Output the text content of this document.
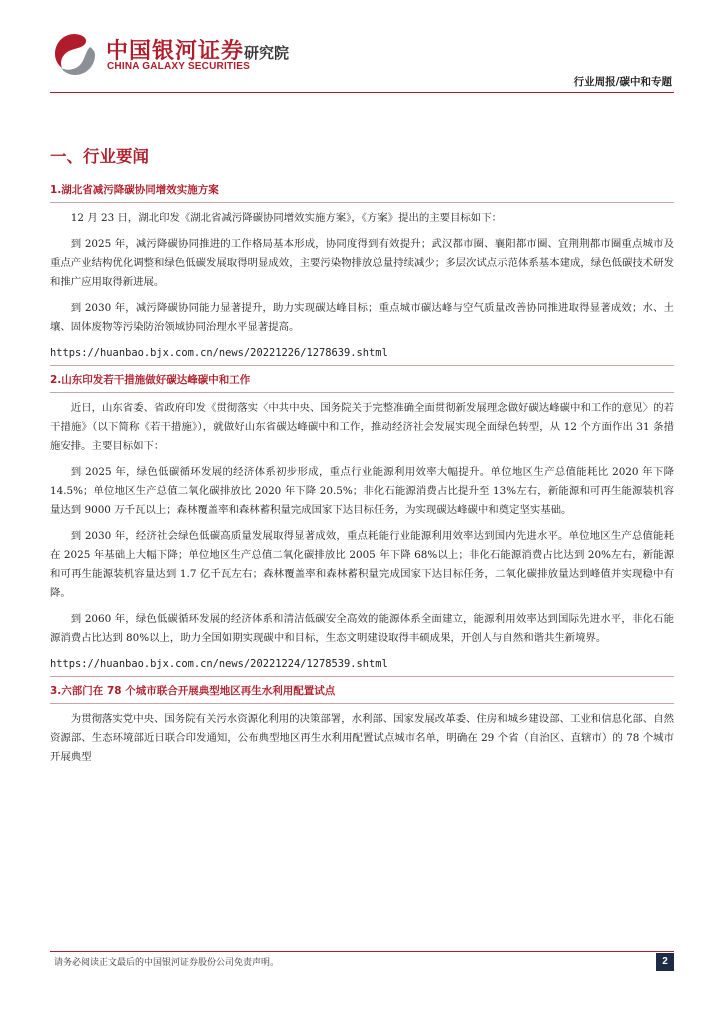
中国银河证券
CHINA GALAXY SECURITIES
研究院
行业周报/碳中和专题
一、行业要闻
1.湖北省减污降碳协同增效实施方案

12 月 23 日，湖北印发《湖北省减污降碳协同增效实施方案》，《方案》提出的主要目标如下：

到 2025 年，减污降碳协同推进的工作格局基本形成，协同度得到有效提升；武汉都市圈、襄阳都市圈、宜荆荆都市圈重点城市及重点产业结构优化调整和绿色低碳发展取得明显成效，主要污染物排放总量持续减少；多层次试点示范体系基本建成，绿色低碳技术研发和推广应用取得新进展。

到 2030 年，减污降碳协同能力显著提升，助力实现碳达峰目标；重点城市碳达峰与空气质量改善协同推进取得显著成效；水、土壤、固体废物等污染防治领域协同治理水平显著提高。

https://huanbao.bjx.com.cn/news/20221226/1278639.shtml
2.山东印发若干措施做好碳达峰碳中和工作

近日，山东省委、省政府印发《贯彻落实〈中共中央、国务院关于完整准确全面贯彻新发展理念做好碳达峰碳中和工作的意见〉的若干措施》（以下简称《若干措施》），就做好山东省碳达峰碳中和工作，推动经济社会发展实现全面绿色转型，从 12 个方面作出 31 条措施安排。主要目标如下：

到 2025 年，绿色低碳循环发展的经济体系初步形成，重点行业能源利用效率大幅提升。单位地区生产总值能耗比 2020 年下降 14.5%；单位地区生产总值二氧化碳排放比 2020 年下降 20.5%；非化石能源消费占比提升至 13%左右，新能源和可再生能源装机容量达到 9000 万千瓦以上；森林覆盖率和森林蓄积量完成国家下达目标任务，为实现碳达峰碳中和奠定坚实基础。

到 2030 年，经济社会绿色低碳高质量发展取得显著成效，重点耗能行业能源利用效率达到国内先进水平。单位地区生产总值能耗在 2025 年基础上大幅下降；单位地区生产总值二氧化碳排放比 2005 年下降 68%以上；非化石能源消费占比达到 20%左右，新能源和可再生能源装机容量达到 1.7 亿千瓦左右；森林覆盖率和森林蓄积量完成国家下达目标任务，二氧化碳排放量达到峰值并实现稳中有降。

到 2060 年，绿色低碳循环发展的经济体系和清洁低碳安全高效的能源体系全面建立，能源利用效率达到国际先进水平，非化石能源消费占比达到 80%以上，助力全国如期实现碳中和目标，生态文明建设取得丰硕成果，开创人与自然和谐共生新境界。

https://huanbao.bjx.com.cn/news/20221224/1278539.shtml
3.六部门在 78 个城市联合开展典型地区再生水利用配置试点

为贯彻落实党中央、国务院有关污水资源化利用的决策部署，水利部、国家发展改革委、住房和城乡建设部、工业和信息化部、自然资源部、生态环境部近日联合印发通知，公布典型地区再生水利用配置试点城市名单，明确在 29 个省（自治区、直辖市）的 78 个城市开展典型

请务必阅读正文最后的中国银河证券股份公司免责声明。	2
